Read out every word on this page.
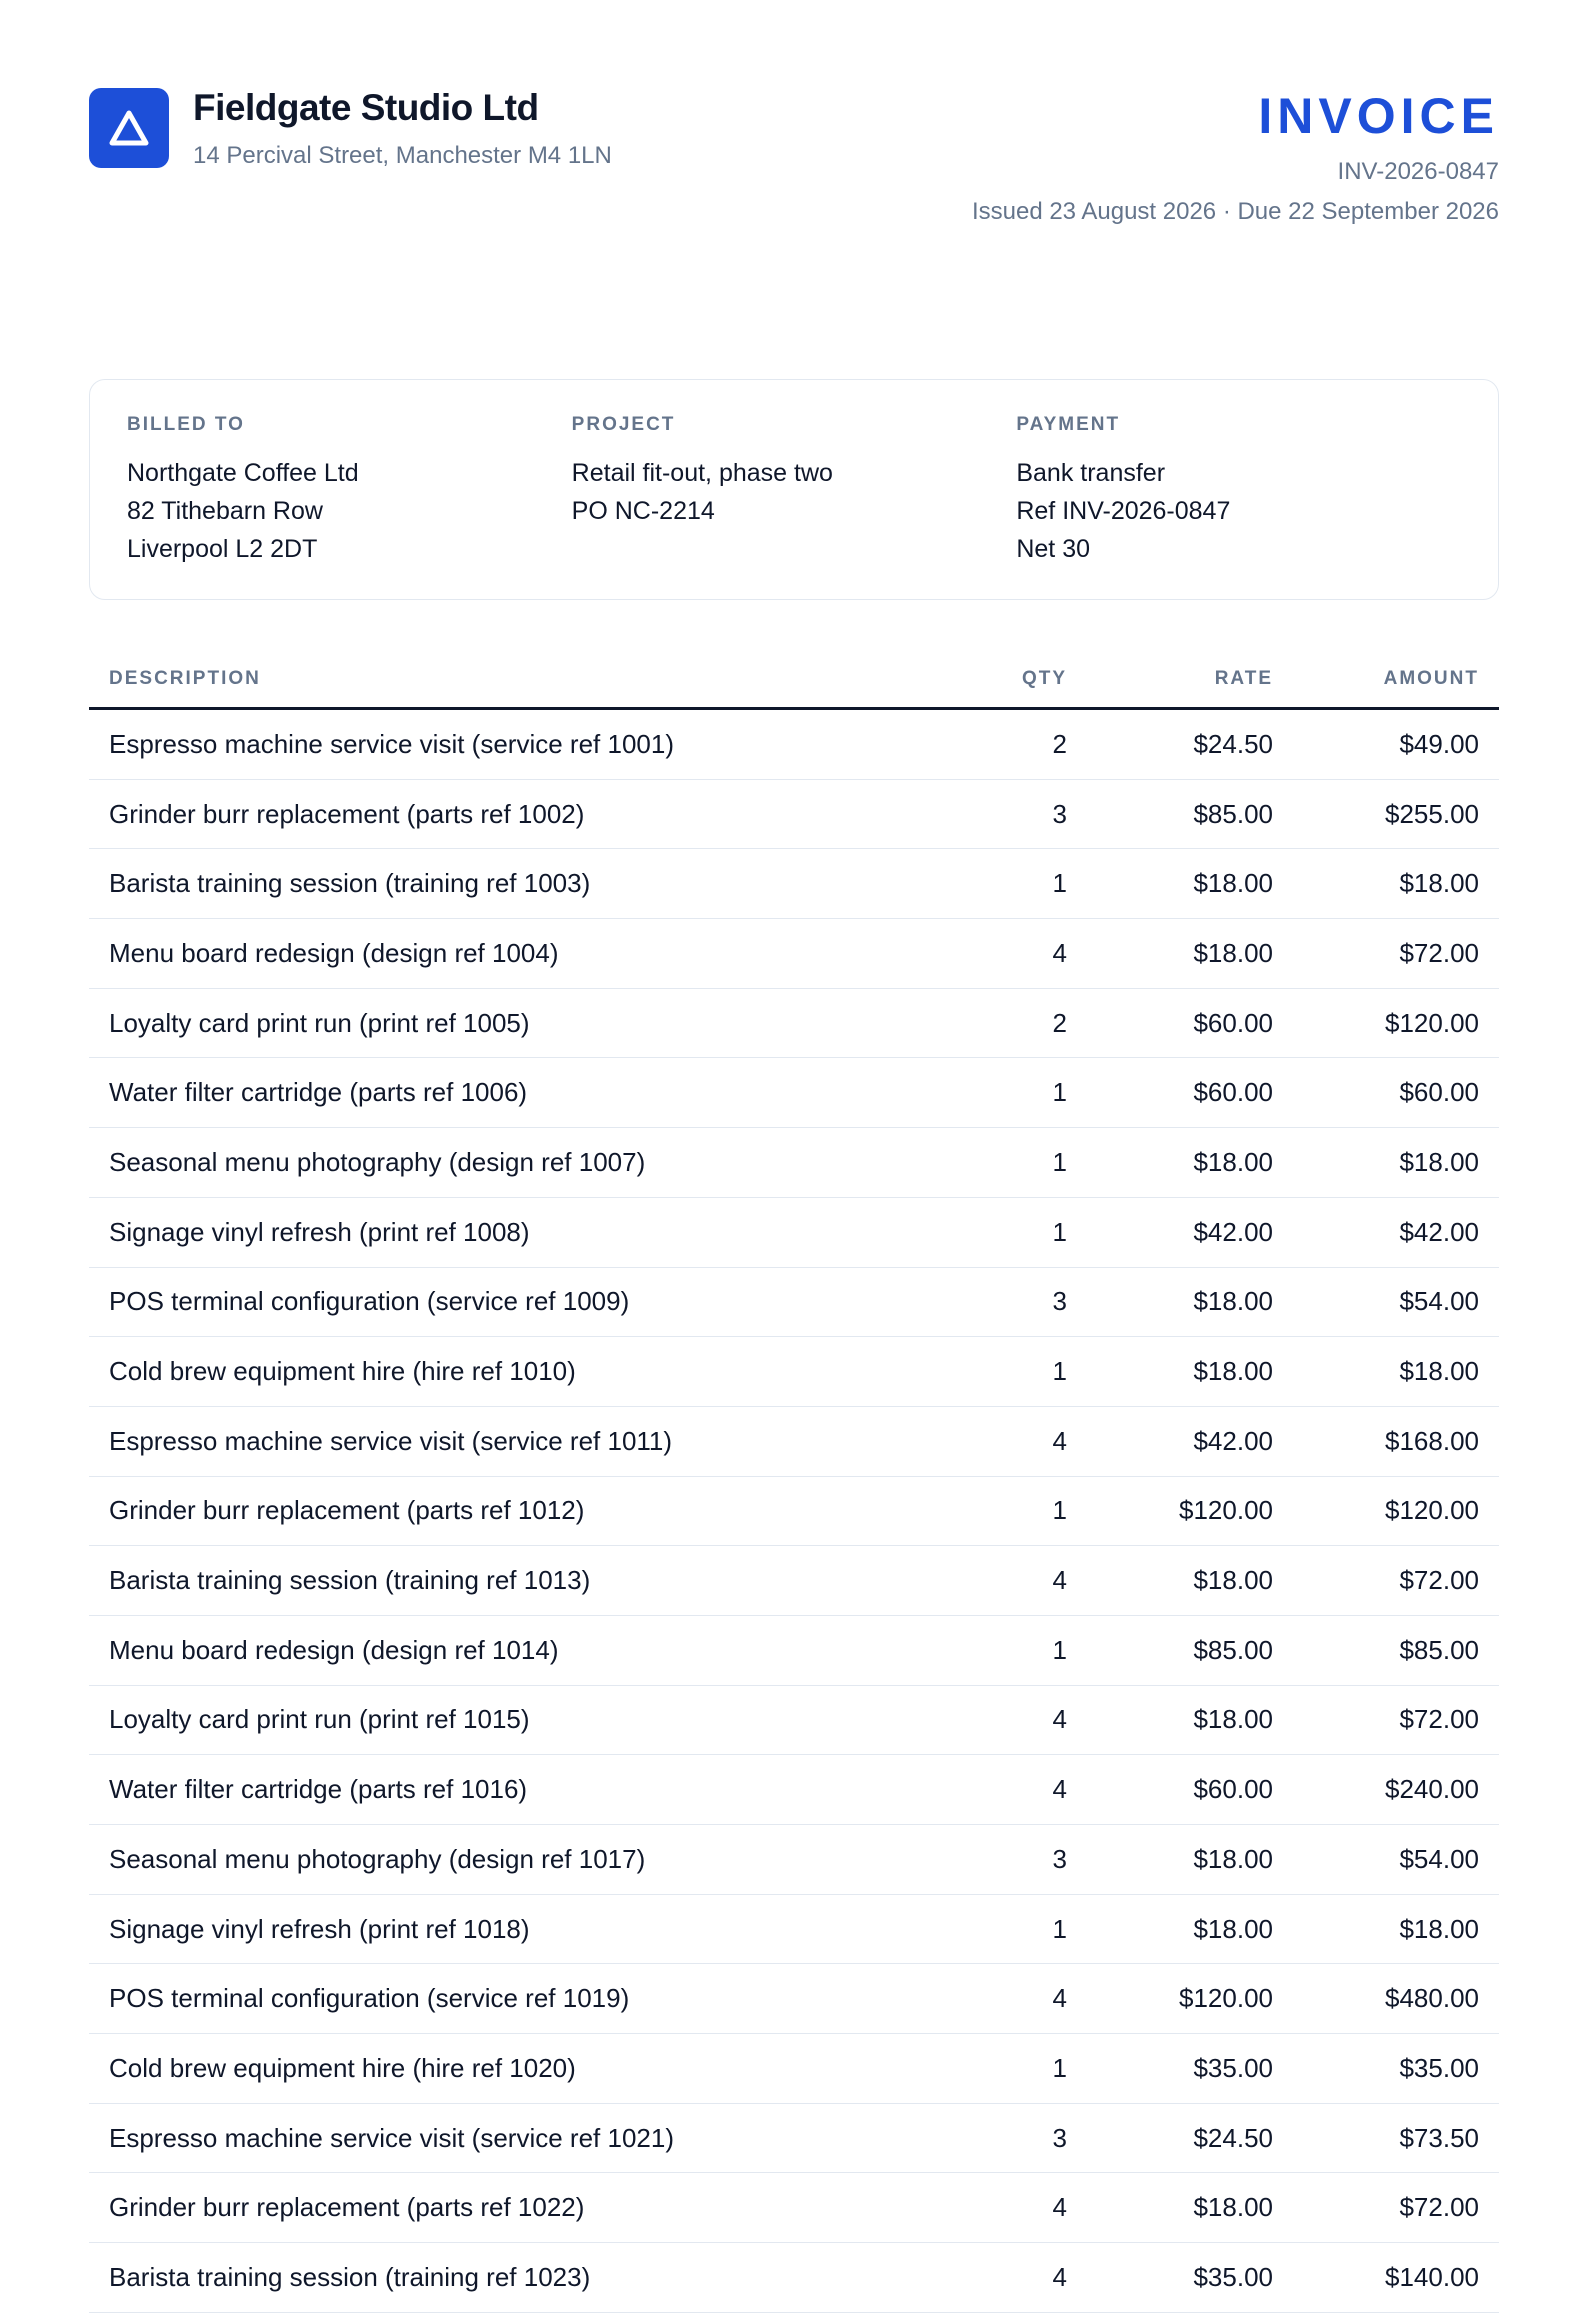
Fieldgate Studio Ltd
14 Percival Street, Manchester M4 1LN
INVOICE
INV-2026-0847
Issued 23 August 2026 · Due 22 September 2026
BILLED TO
Northgate Coffee Ltd
82 Tithebarn Row
Liverpool L2 2DT
PROJECT
Retail fit-out, phase two
PO NC-2214
PAYMENT
Bank transfer
Ref INV-2026-0847
Net 30
DESCRIPTION	QTY	RATE	AMOUNT
Espresso machine service visit (service ref 1001)	2	$24.50	$49.00
Grinder burr replacement (parts ref 1002)	3	$85.00	$255.00
Barista training session (training ref 1003)	1	$18.00	$18.00
Menu board redesign (design ref 1004)	4	$18.00	$72.00
Loyalty card print run (print ref 1005)	2	$60.00	$120.00
Water filter cartridge (parts ref 1006)	1	$60.00	$60.00
Seasonal menu photography (design ref 1007)	1	$18.00	$18.00
Signage vinyl refresh (print ref 1008)	1	$42.00	$42.00
POS terminal configuration (service ref 1009)	3	$18.00	$54.00
Cold brew equipment hire (hire ref 1010)	1	$18.00	$18.00
Espresso machine service visit (service ref 1011)	4	$42.00	$168.00
Grinder burr replacement (parts ref 1012)	1	$120.00	$120.00
Barista training session (training ref 1013)	4	$18.00	$72.00
Menu board redesign (design ref 1014)	1	$85.00	$85.00
Loyalty card print run (print ref 1015)	4	$18.00	$72.00
Water filter cartridge (parts ref 1016)	4	$60.00	$240.00
Seasonal menu photography (design ref 1017)	3	$18.00	$54.00
Signage vinyl refresh (print ref 1018)	1	$18.00	$18.00
POS terminal configuration (service ref 1019)	4	$120.00	$480.00
Cold brew equipment hire (hire ref 1020)	1	$35.00	$35.00
Espresso machine service visit (service ref 1021)	3	$24.50	$73.50
Grinder burr replacement (parts ref 1022)	4	$18.00	$72.00
Barista training session (training ref 1023)	4	$35.00	$140.00
